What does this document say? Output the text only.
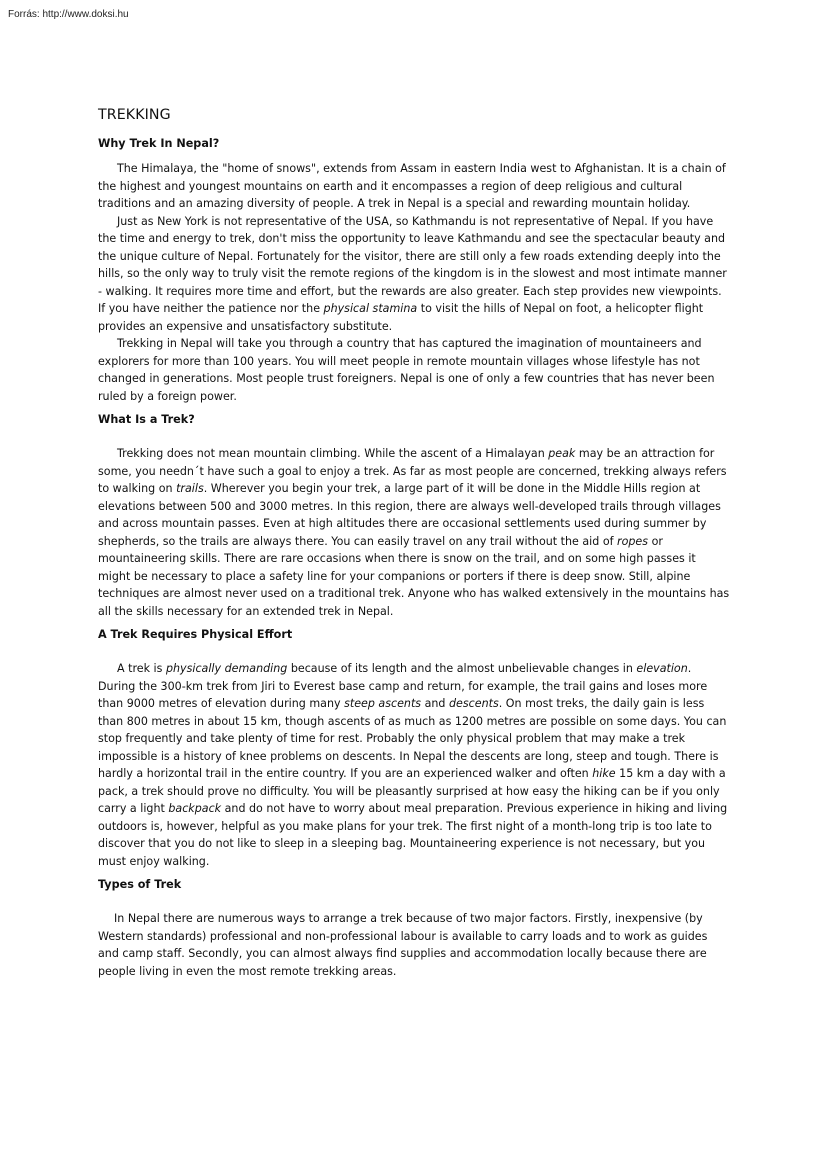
Forrás: http://www.doksi.hu
TREKKING
Why Trek In Nepal?

The Himalaya, the "home of snows", extends from Assam in eastern India west to Afghanistan. It is a chain of the highest and youngest mountains on earth and it encompasses a region of deep religious and cultural traditions and an amazing diversity of people. A trek in Nepal is a special and rewarding mountain holiday.

Just as New York is not representative of the USA, so Kathmandu is not representative of Nepal. If you have the time and energy to trek, don't miss the opportunity to leave Kathmandu and see the spectacular beauty and the unique culture of Nepal. Fortunately for the visitor, there are still only a few roads extending deeply into the hills, so the only way to truly visit the remote regions of the kingdom is in the slowest and most intimate manner - walking. It requires more time and effort, but the rewards are also greater. Each step provides new viewpoints. If you have neither the patience nor the physical stamina to visit the hills of Nepal on foot, a helicopter flight provides an expensive and unsatisfactory substitute.

Trekking in Nepal will take you through a country that has captured the imagination of mountaineers and explorers for more than 100 years. You will meet people in remote mountain villages whose lifestyle has not changed in generations. Most people trust foreigners. Nepal is one of only a few countries that has never been ruled by a foreign power.

What Is a Trek?

Trekking does not mean mountain climbing. While the ascent of a Himalayan peak may be an attraction for some, you needn´t have such a goal to enjoy a trek. As far as most people are concerned, trekking always refers to walking on trails. Wherever you begin your trek, a large part of it will be done in the Middle Hills region at elevations between 500 and 3000 metres. In this region, there are always well-developed trails through villages and across mountain passes. Even at high altitudes there are occasional settlements used during summer by shepherds, so the trails are always there. You can easily travel on any trail without the aid of ropes or mountaineering skills. There are rare occasions when there is snow on the trail, and on some high passes it might be necessary to place a safety line for your companions or porters if there is deep snow. Still, alpine techniques are almost never used on a traditional trek. Anyone who has walked extensively in the mountains has all the skills necessary for an extended trek in Nepal.

A Trek Requires Physical Effort

A trek is physically demanding because of its length and the almost unbelievable changes in elevation. During the 300-km trek from Jiri to Everest base camp and return, for example, the trail gains and loses more than 9000 metres of elevation during many steep ascents and descents. On most treks, the daily gain is less than 800 metres in about 15 km, though ascents of as much as 1200 metres are possible on some days. You can stop frequently and take plenty of time for rest. Probably the only physical problem that may make a trek impossible is a history of knee problems on descents. In Nepal the descents are long, steep and tough. There is hardly a horizontal trail in the entire country. If you are an experienced walker and often hike 15 km a day with a pack, a trek should prove no difficulty. You will be pleasantly surprised at how easy the hiking can be if you only carry a light backpack and do not have to worry about meal preparation. Previous experience in hiking and living outdoors is, however, helpful as you make plans for your trek. The first night of a month-long trip is too late to discover that you do not like to sleep in a sleeping bag. Mountaineering experience is not necessary, but you must enjoy walking.

Types of Trek

In Nepal there are numerous ways to arrange a trek because of two major factors. Firstly, inexpensive (by Western standards) professional and non-professional labour is available to carry loads and to work as guides and camp staff. Secondly, you can almost always find supplies and accommodation locally because there are people living in even the most remote trekking areas.
